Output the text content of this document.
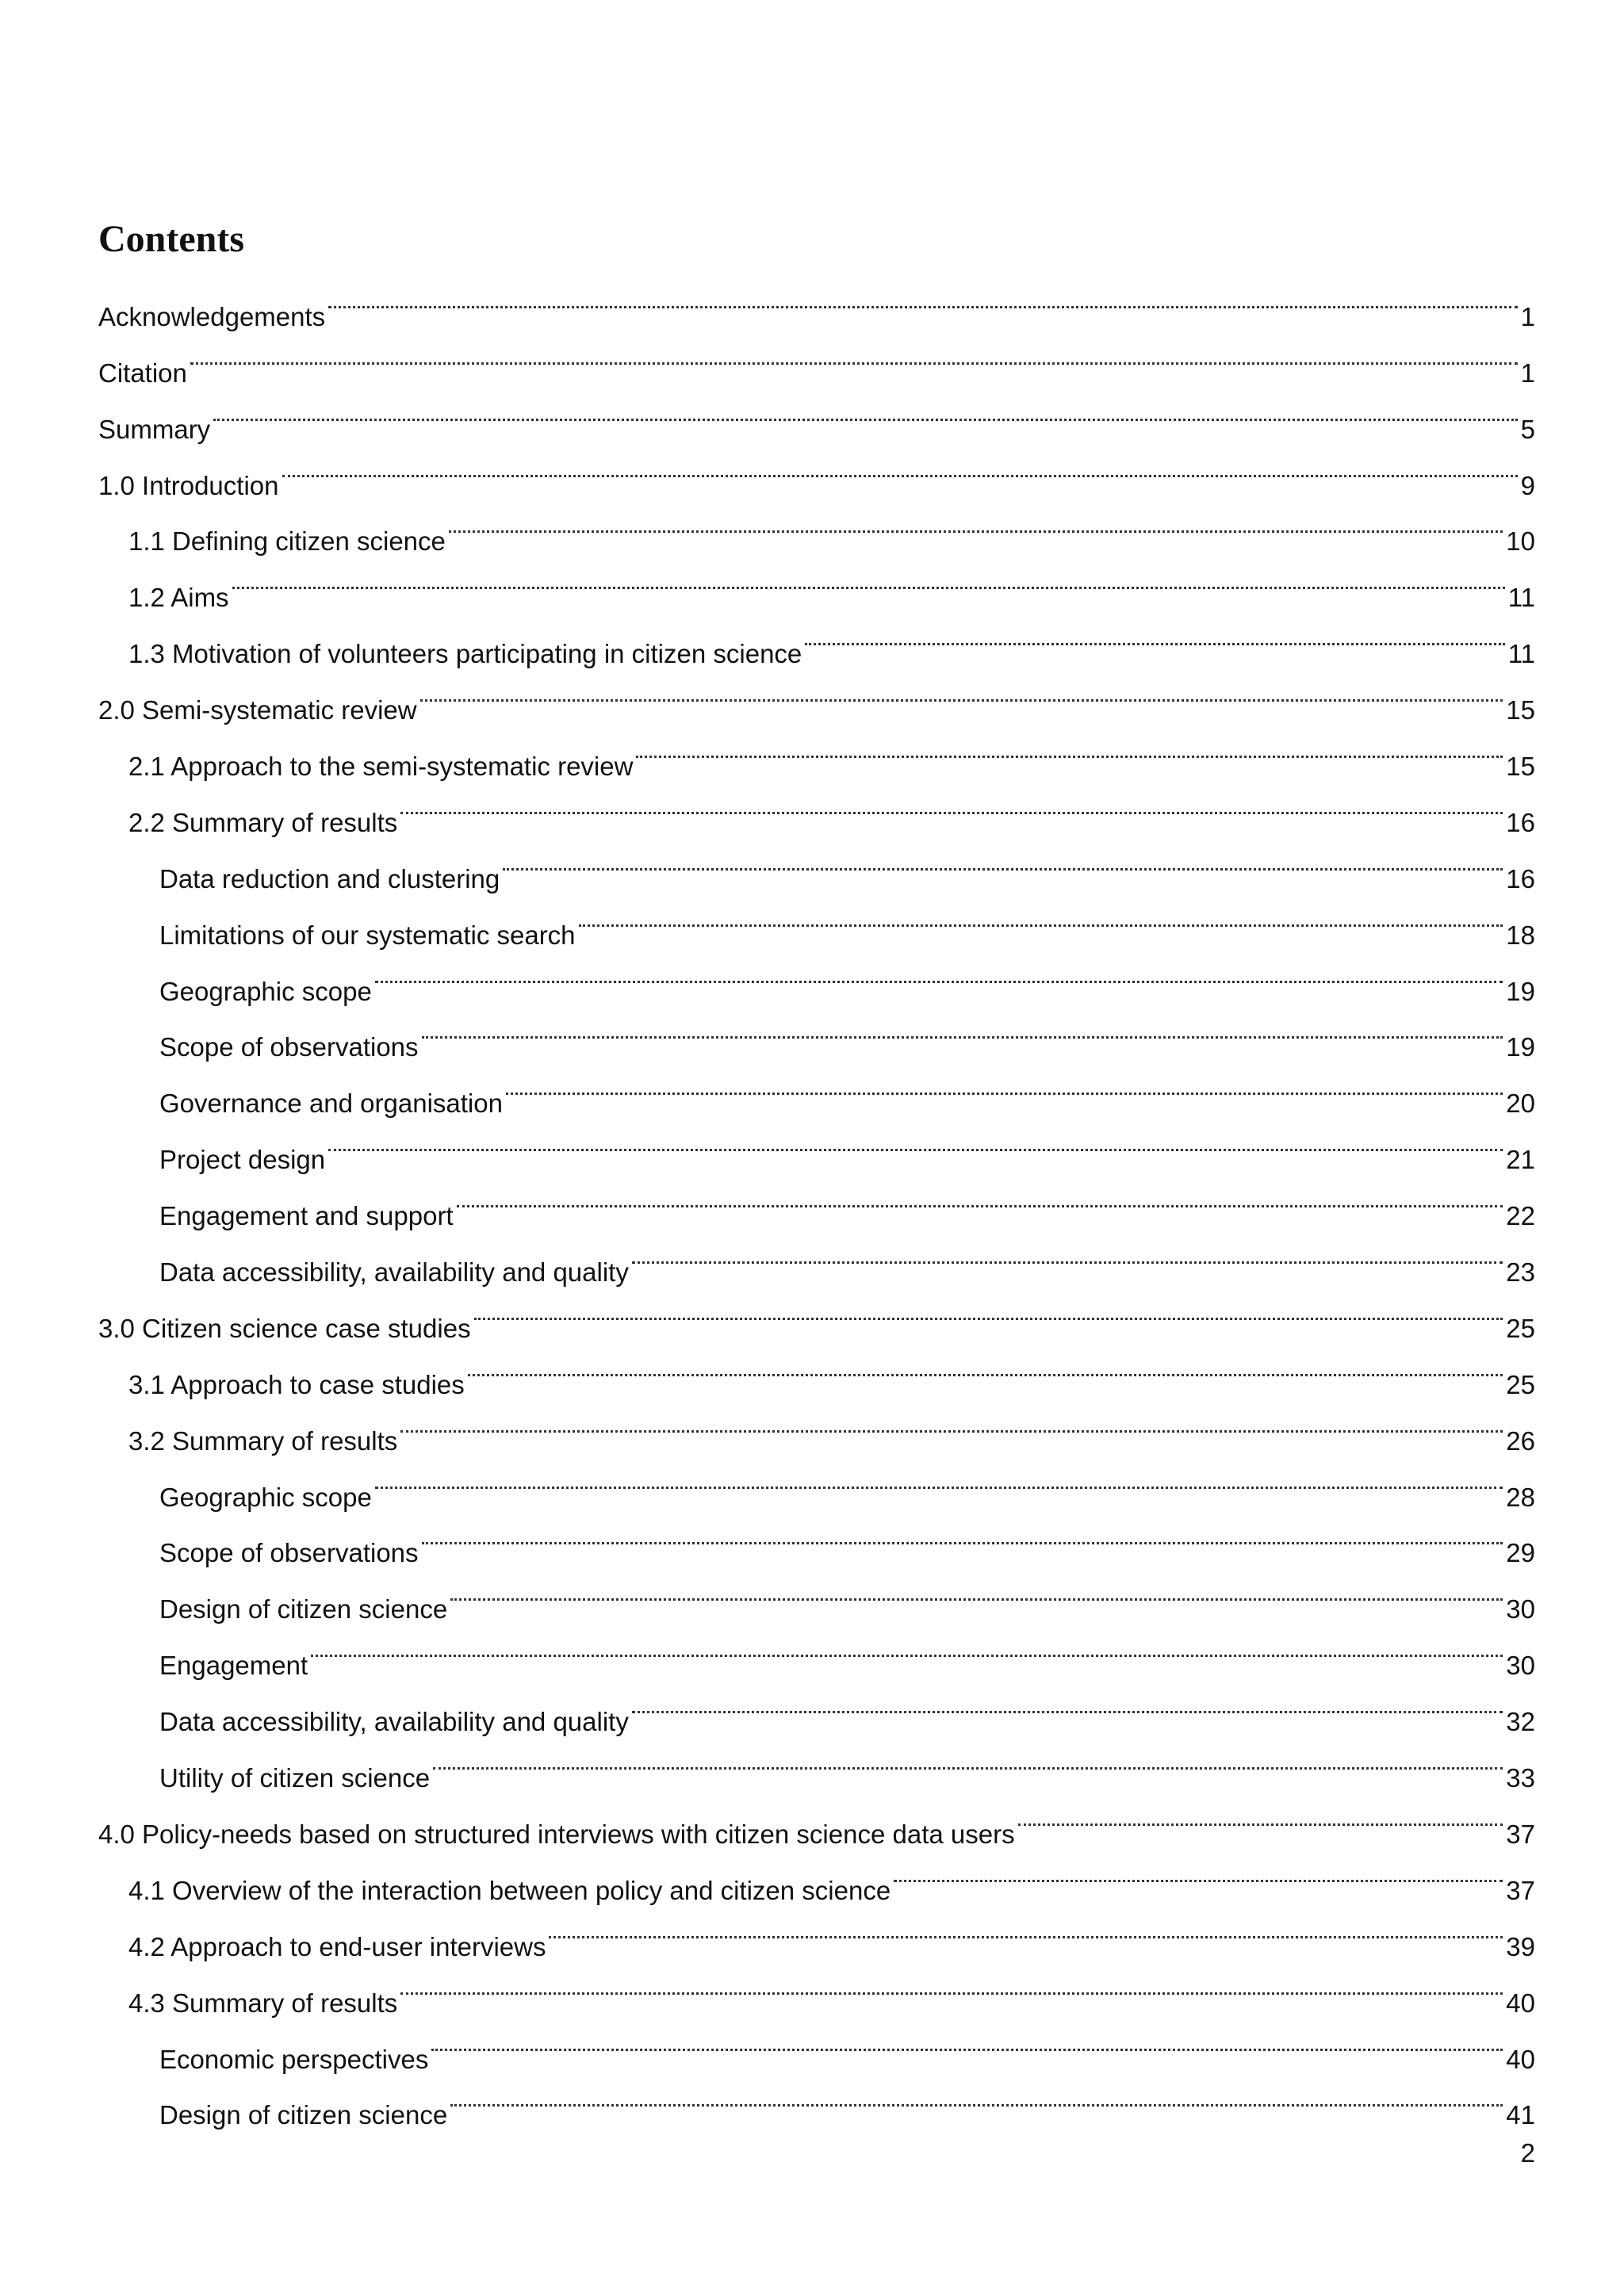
Contents
Acknowledgements	1
Citation	1
Summary	5
1.0 Introduction	9
1.1 Defining citizen science	10
1.2 Aims	11
1.3 Motivation of volunteers participating in citizen science	11
2.0 Semi-systematic review	15
2.1 Approach to the semi-systematic review	15
2.2 Summary of results	16
Data reduction and clustering	16
Limitations of our systematic search	18
Geographic scope	19
Scope of observations	19
Governance and organisation	20
Project design	21
Engagement and support	22
Data accessibility, availability and quality	23
3.0 Citizen science case studies	25
3.1 Approach to case studies	25
3.2 Summary of results	26
Geographic scope	28
Scope of observations	29
Design of citizen science	30
Engagement	30
Data accessibility, availability and quality	32
Utility of citizen science	33
4.0 Policy-needs based on structured interviews with citizen science data users	37
4.1 Overview of the interaction between policy and citizen science	37
4.2 Approach to end-user interviews	39
4.3 Summary of results	40
Economic perspectives	40
Design of citizen science	41
2
